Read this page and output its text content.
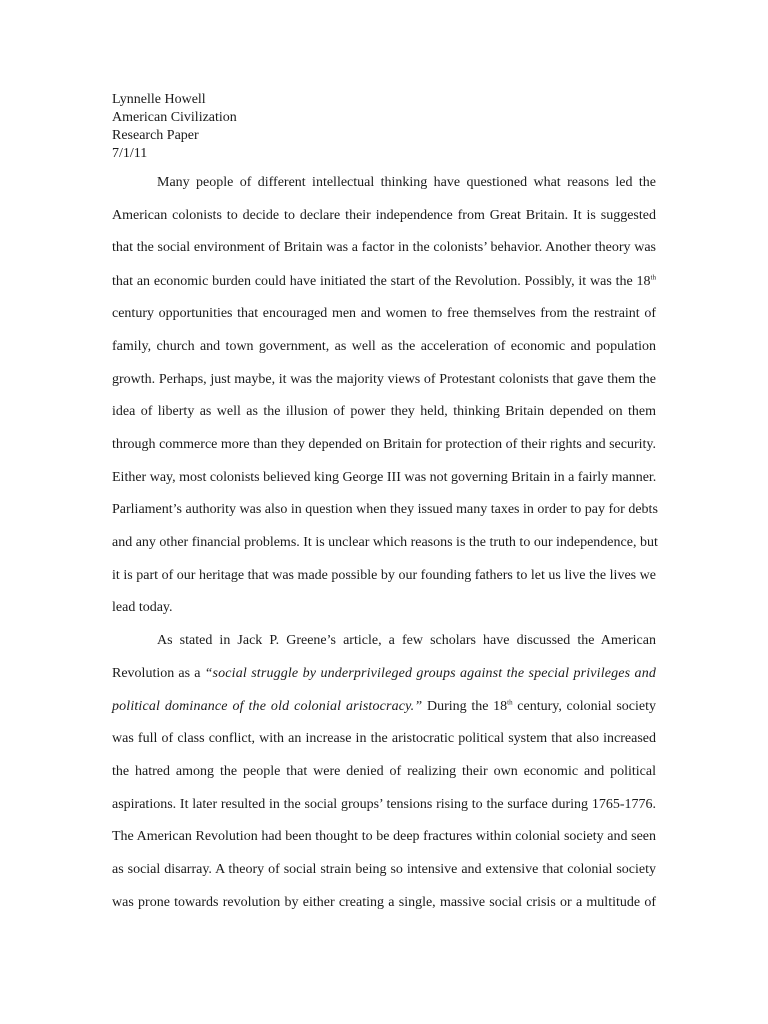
Lynnelle Howell
American Civilization
Research Paper
7/1/11
Many people of different intellectual thinking have questioned what reasons led the
American colonists to decide to declare their independence from Great Britain. It is suggested
that the social environment of Britain was a factor in the colonists’ behavior. Another theory was
that an economic burden could have initiated the start of the Revolution. Possibly, it was the 18th
century opportunities that encouraged men and women to free themselves from the restraint of
family, church and town government, as well as the acceleration of economic and population
growth. Perhaps, just maybe, it was the majority views of Protestant colonists that gave them the
idea of liberty as well as the illusion of power they held, thinking Britain depended on them
through commerce more than they depended on Britain for protection of their rights and security.
Either way, most colonists believed king George III was not governing Britain in a fairly manner.
Parliament’s authority was also in question when they issued many taxes in order to pay for debts
and any other financial problems. It is unclear which reasons is the truth to our independence, but
it is part of our heritage that was made possible by our founding fathers to let us live the lives we
lead today.
As stated in Jack P. Greene’s article, a few scholars have discussed the American
Revolution as a “social struggle by underprivileged groups against the special privileges and
political dominance of the old colonial aristocracy.” During the 18th century, colonial society
was full of class conflict, with an increase in the aristocratic political system that also increased
the hatred among the people that were denied of realizing their own economic and political
aspirations. It later resulted in the social groups’ tensions rising to the surface during 1765-1776.
The American Revolution had been thought to be deep fractures within colonial society and seen
as social disarray. A theory of social strain being so intensive and extensive that colonial society
was prone towards revolution by either creating a single, massive social crisis or a multitude of
